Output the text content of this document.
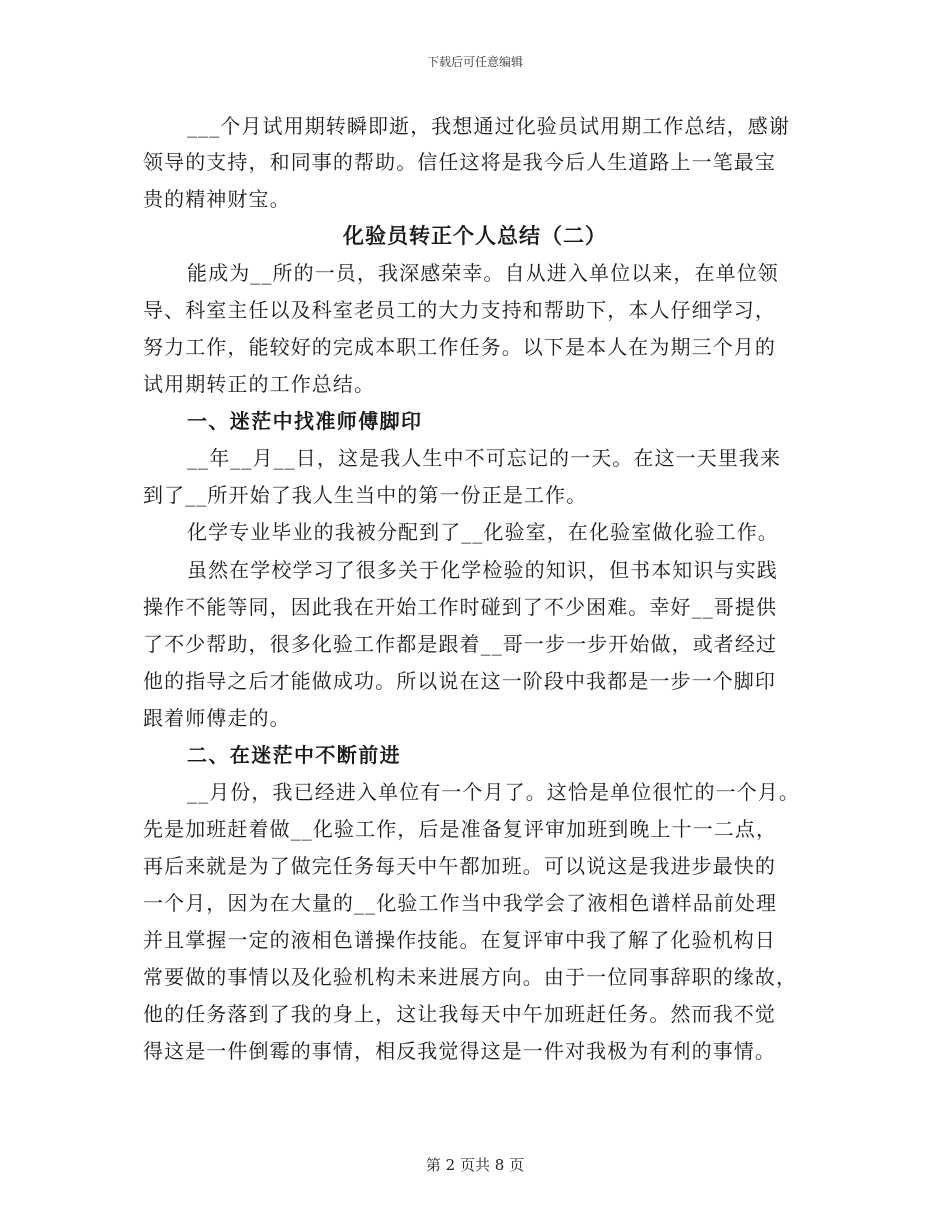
下载后可任意编辑
___个月试用期转瞬即逝，我想通过化验员试用期工作总结，感谢
领导的支持，和同事的帮助。信任这将是我今后人生道路上一笔最宝
贵的精神财宝。
化验员转正个人总结（二）
能成为__所的一员，我深感荣幸。自从进入单位以来，在单位领
导、科室主任以及科室老员工的大力支持和帮助下，本人仔细学习，
努力工作，能较好的完成本职工作任务。以下是本人在为期三个月的
试用期转正的工作总结。
一、迷茫中找准师傅脚印
__年__月__日，这是我人生中不可忘记的一天。在这一天里我来
到了__所开始了我人生当中的第一份正是工作。
化学专业毕业的我被分配到了__化验室，在化验室做化验工作。
虽然在学校学习了很多关于化学检验的知识，但书本知识与实践
操作不能等同，因此我在开始工作时碰到了不少困难。幸好__哥提供
了不少帮助，很多化验工作都是跟着__哥一步一步开始做，或者经过
他的指导之后才能做成功。所以说在这一阶段中我都是一步一个脚印
跟着师傅走的。
二、在迷茫中不断前进
__月份，我已经进入单位有一个月了。这恰是单位很忙的一个月。
先是加班赶着做__化验工作，后是准备复评审加班到晚上十一二点，
再后来就是为了做完任务每天中午都加班。可以说这是我进步最快的
一个月，因为在大量的__化验工作当中我学会了液相色谱样品前处理
并且掌握一定的液相色谱操作技能。在复评审中我了解了化验机构日
常要做的事情以及化验机构未来进展方向。由于一位同事辞职的缘故，
他的任务落到了我的身上，这让我每天中午加班赶任务。然而我不觉
得这是一件倒霉的事情，相反我觉得这是一件对我极为有利的事情。
第 2 页共 8 页
